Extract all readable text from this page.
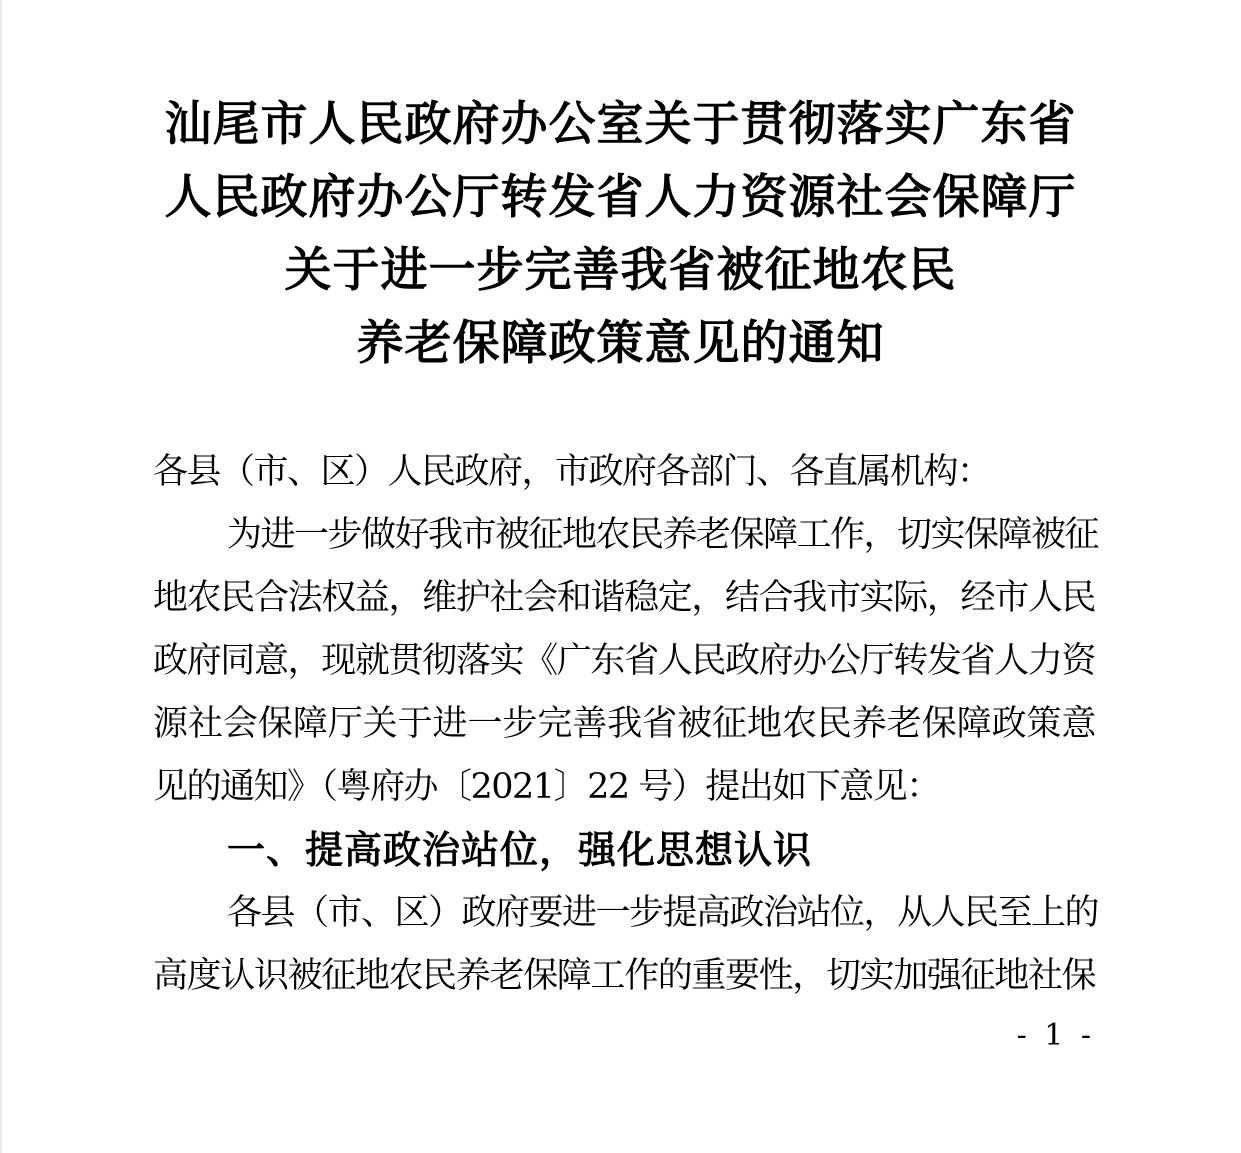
汕尾市人民政府办公室关于贯彻落实广东省
人民政府办公厅转发省人力资源社会保障厅
关于进一步完善我省被征地农民
养老保障政策意见的通知
各县（市、区）人民政府，市政府各部门、各直属机构：
为进一步做好我市被征地农民养老保障工作，切实保障被征
地农民合法权益，维护社会和谐稳定，结合我市实际，经市人民
政府同意，现就贯彻落实《广东省人民政府办公厅转发省人力资
源社会保障厅关于进一步完善我省被征地农民养老保障政策意
见的通知》（粤府办〔2021〕22 号）提出如下意见：
一、提高政治站位，强化思想认识
各县（市、区）政府要进一步提高政治站位，从人民至上的
高度认识被征地农民养老保障工作的重要性，切实加强征地社保
- 1 -
